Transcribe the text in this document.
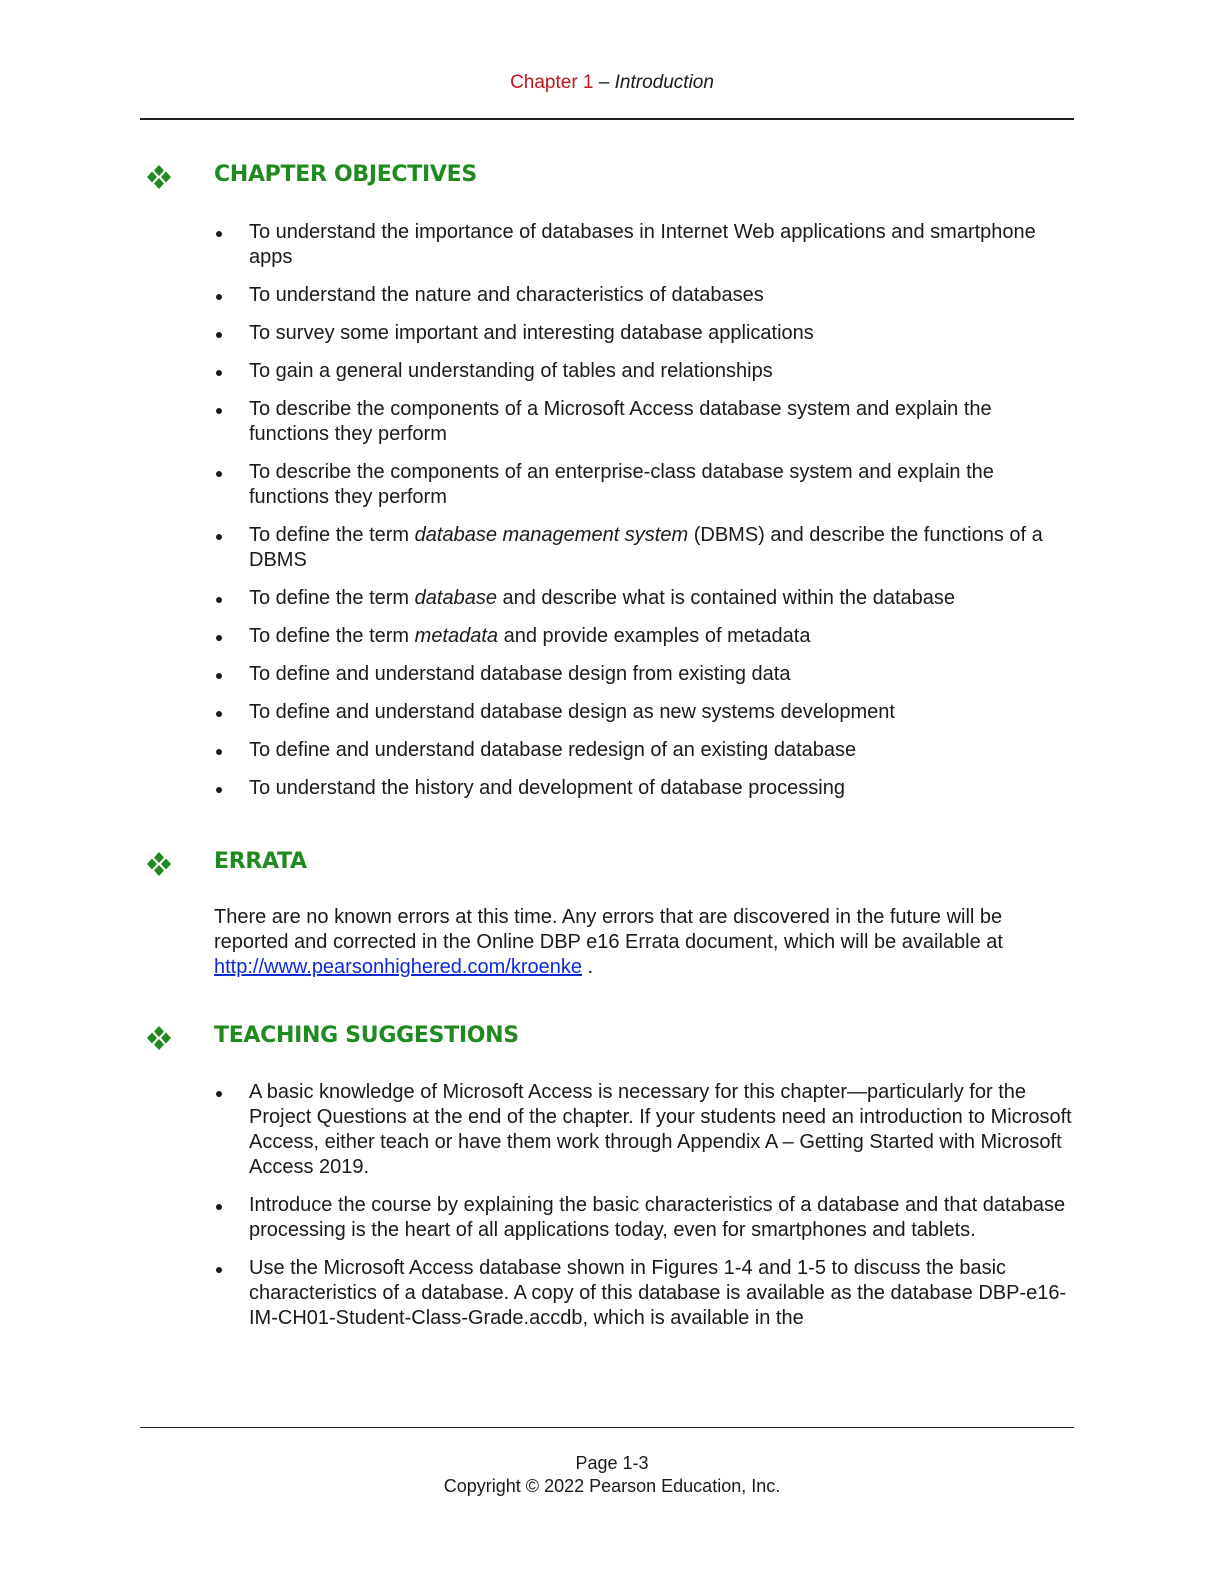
Chapter 1 – Introduction
CHAPTER OBJECTIVES
To understand the importance of databases in Internet Web applications and smartphone apps
To understand the nature and characteristics of databases
To survey some important and interesting database applications
To gain a general understanding of tables and relationships
To describe the components of a Microsoft Access database system and explain the functions they perform
To describe the components of an enterprise-class database system and explain the functions they perform
To define the term database management system (DBMS) and describe the functions of a DBMS
To define the term database and describe what is contained within the database
To define the term metadata and provide examples of metadata
To define and understand database design from existing data
To define and understand database design as new systems development
To define and understand database redesign of an existing database
To understand the history and development of database processing
ERRATA
There are no known errors at this time. Any errors that are discovered in the future will be reported and corrected in the Online DBP e16 Errata document, which will be available at http://www.pearsonhighered.com/kroenke .
TEACHING SUGGESTIONS
A basic knowledge of Microsoft Access is necessary for this chapter—particularly for the Project Questions at the end of the chapter. If your students need an introduction to Microsoft Access, either teach or have them work through Appendix A – Getting Started with Microsoft Access 2019.
Introduce the course by explaining the basic characteristics of a database and that database processing is the heart of all applications today, even for smartphones and tablets.
Use the Microsoft Access database shown in Figures 1-4 and 1-5 to discuss the basic characteristics of a database. A copy of this database is available as the database DBP-e16-IM-CH01-Student-Class-Grade.accdb, which is available in the
Page 1-3
Copyright © 2022 Pearson Education, Inc.
